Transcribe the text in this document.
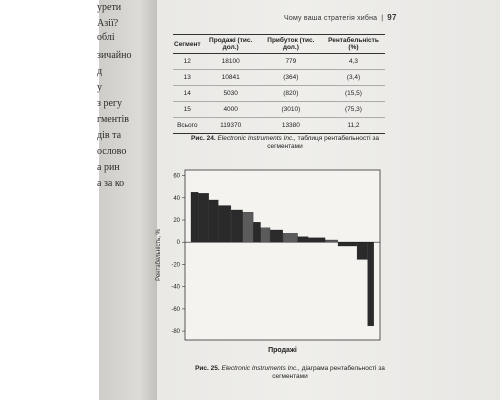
урети
Азії?
облі
зичайно
д
у
з регу
гментів
дів та
ослово
а рин
а за ко
Чому ваша стратегія хибна | 97
Сегмент	Продажі (тис. дол.)	Прибуток (тис. дол.)	Рентабельність (%)
12	18100	779	4,3
13	10841	(364)	(3,4)
14	5030	(820)	(15,5)
15	4000	(3010)	(75,3)
Всього	119370	13380	11,2
Рис. 24. Electronic Instruments Inc., таблиця рентабельності за сегментами
60
40
20
0
-20
-40
-60
-80
Рентабельність, %
Продажі
Рис. 25. Electronic Instruments Inc., діаграма рентабельності за сегментами
